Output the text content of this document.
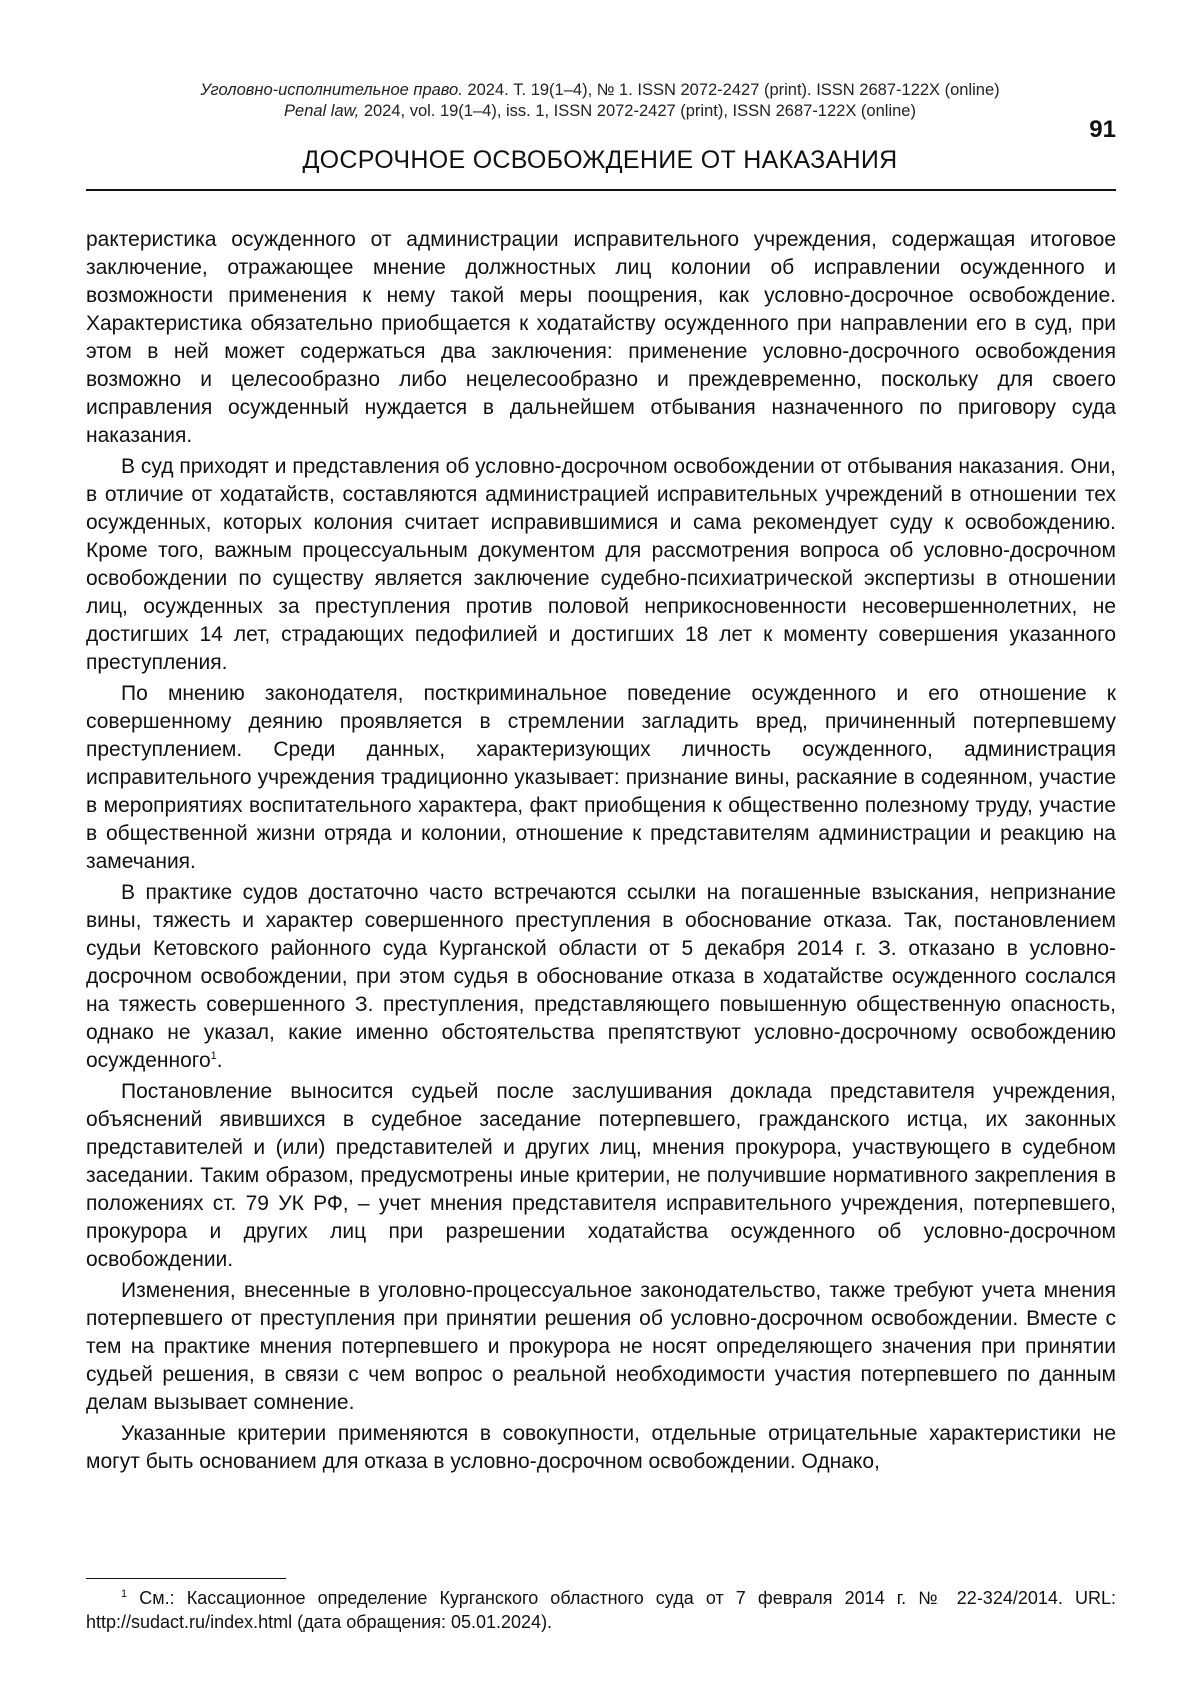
Уголовно-исполнительное право. 2024. Т. 19(1–4), № 1. ISSN 2072-2427 (print). ISSN 2687-122X (online)
Penal law, 2024, vol. 19(1–4), iss. 1, ISSN 2072-2427 (print), ISSN 2687-122X (online)
91
ДОСРОЧНОЕ ОСВОБОЖДЕНИЕ ОТ НАКАЗАНИЯ

рактеристика осужденного от администрации исправительного учреждения, содержащая итоговое заключение, отражающее мнение должностных лиц колонии об исправлении осужденного и возможности применения к нему такой меры поощрения, как условно-досрочное освобождение. Характеристика обязательно приобщается к ходатайству осужденного при направлении его в суд, при этом в ней может содержаться два заключения: применение условно-досрочного освобождения возможно и целесообразно либо нецелесообразно и преждевременно, поскольку для своего исправления осужденный нуждается в дальнейшем отбывания назначенного по приговору суда наказания.

В суд приходят и представления об условно-досрочном освобождении от отбывания наказания. Они, в отличие от ходатайств, составляются администрацией исправительных учреждений в отношении тех осужденных, которых колония считает исправившимися и сама рекомендует суду к освобождению. Кроме того, важным процессуальным документом для рассмотрения вопроса об условно-досрочном освобождении по существу является заключение судебно-психиатрической экспертизы в отношении лиц, осужденных за преступления против половой неприкосновенности несовершеннолетних, не достигших 14 лет, страдающих педофилией и достигших 18 лет к моменту совершения указанного преступления.

По мнению законодателя, посткриминальное поведение осужденного и его отношение к совершенному деянию проявляется в стремлении загладить вред, причиненный потерпевшему преступлением. Среди данных, характеризующих личность осужденного, администрация исправительного учреждения традиционно указывает: признание вины, раскаяние в содеянном, участие в мероприятиях воспитательного характера, факт приобщения к общественно полезному труду, участие в общественной жизни отряда и колонии, отношение к представителям администрации и реакцию на замечания.

В практике судов достаточно часто встречаются ссылки на погашенные взыскания, непризнание вины, тяжесть и характер совершенного преступления в обоснование отказа. Так, постановлением судьи Кетовского районного суда Курганской области от 5 декабря 2014 г. З. отказано в условно-досрочном освобождении, при этом судья в обоснование отказа в ходатайстве осужденного сослался на тяжесть совершенного З. преступления, представляющего повышенную общественную опасность, однако не указал, какие именно обстоятельства препятствуют условно-досрочному освобождению осужденного$^1$.

Постановление выносится судьей после заслушивания доклада представителя учреждения, объяснений явившихся в судебное заседание потерпевшего, гражданского истца, их законных представителей и (или) представителей и других лиц, мнения прокурора, участвующего в судебном заседании. Таким образом, предусмотрены иные критерии, не получившие нормативного закрепления в положениях ст. 79 УК РФ, – учет мнения представителя исправительного учреждения, потерпевшего, прокурора и других лиц при разрешении ходатайства осужденного об условно-досрочном освобождении.

Изменения, внесенные в уголовно-процессуальное законодательство, также требуют учета мнения потерпевшего от преступления при принятии решения об условно-досрочном освобождении. Вместе с тем на практике мнения потерпевшего и прокурора не носят определяющего значения при принятии судьей решения, в связи с чем вопрос о реальной необходимости участия потерпевшего по данным делам вызывает сомнение.

Указанные критерии применяются в совокупности, отдельные отрицательные характеристики не могут быть основанием для отказа в условно-досрочном освобождении. Однако,

$^1$ См.: Кассационное определение Курганского областного суда от 7 февраля 2014 г. № 22-324/2014. URL: http://sudact.ru/index.html (дата обращения: 05.01.2024).
